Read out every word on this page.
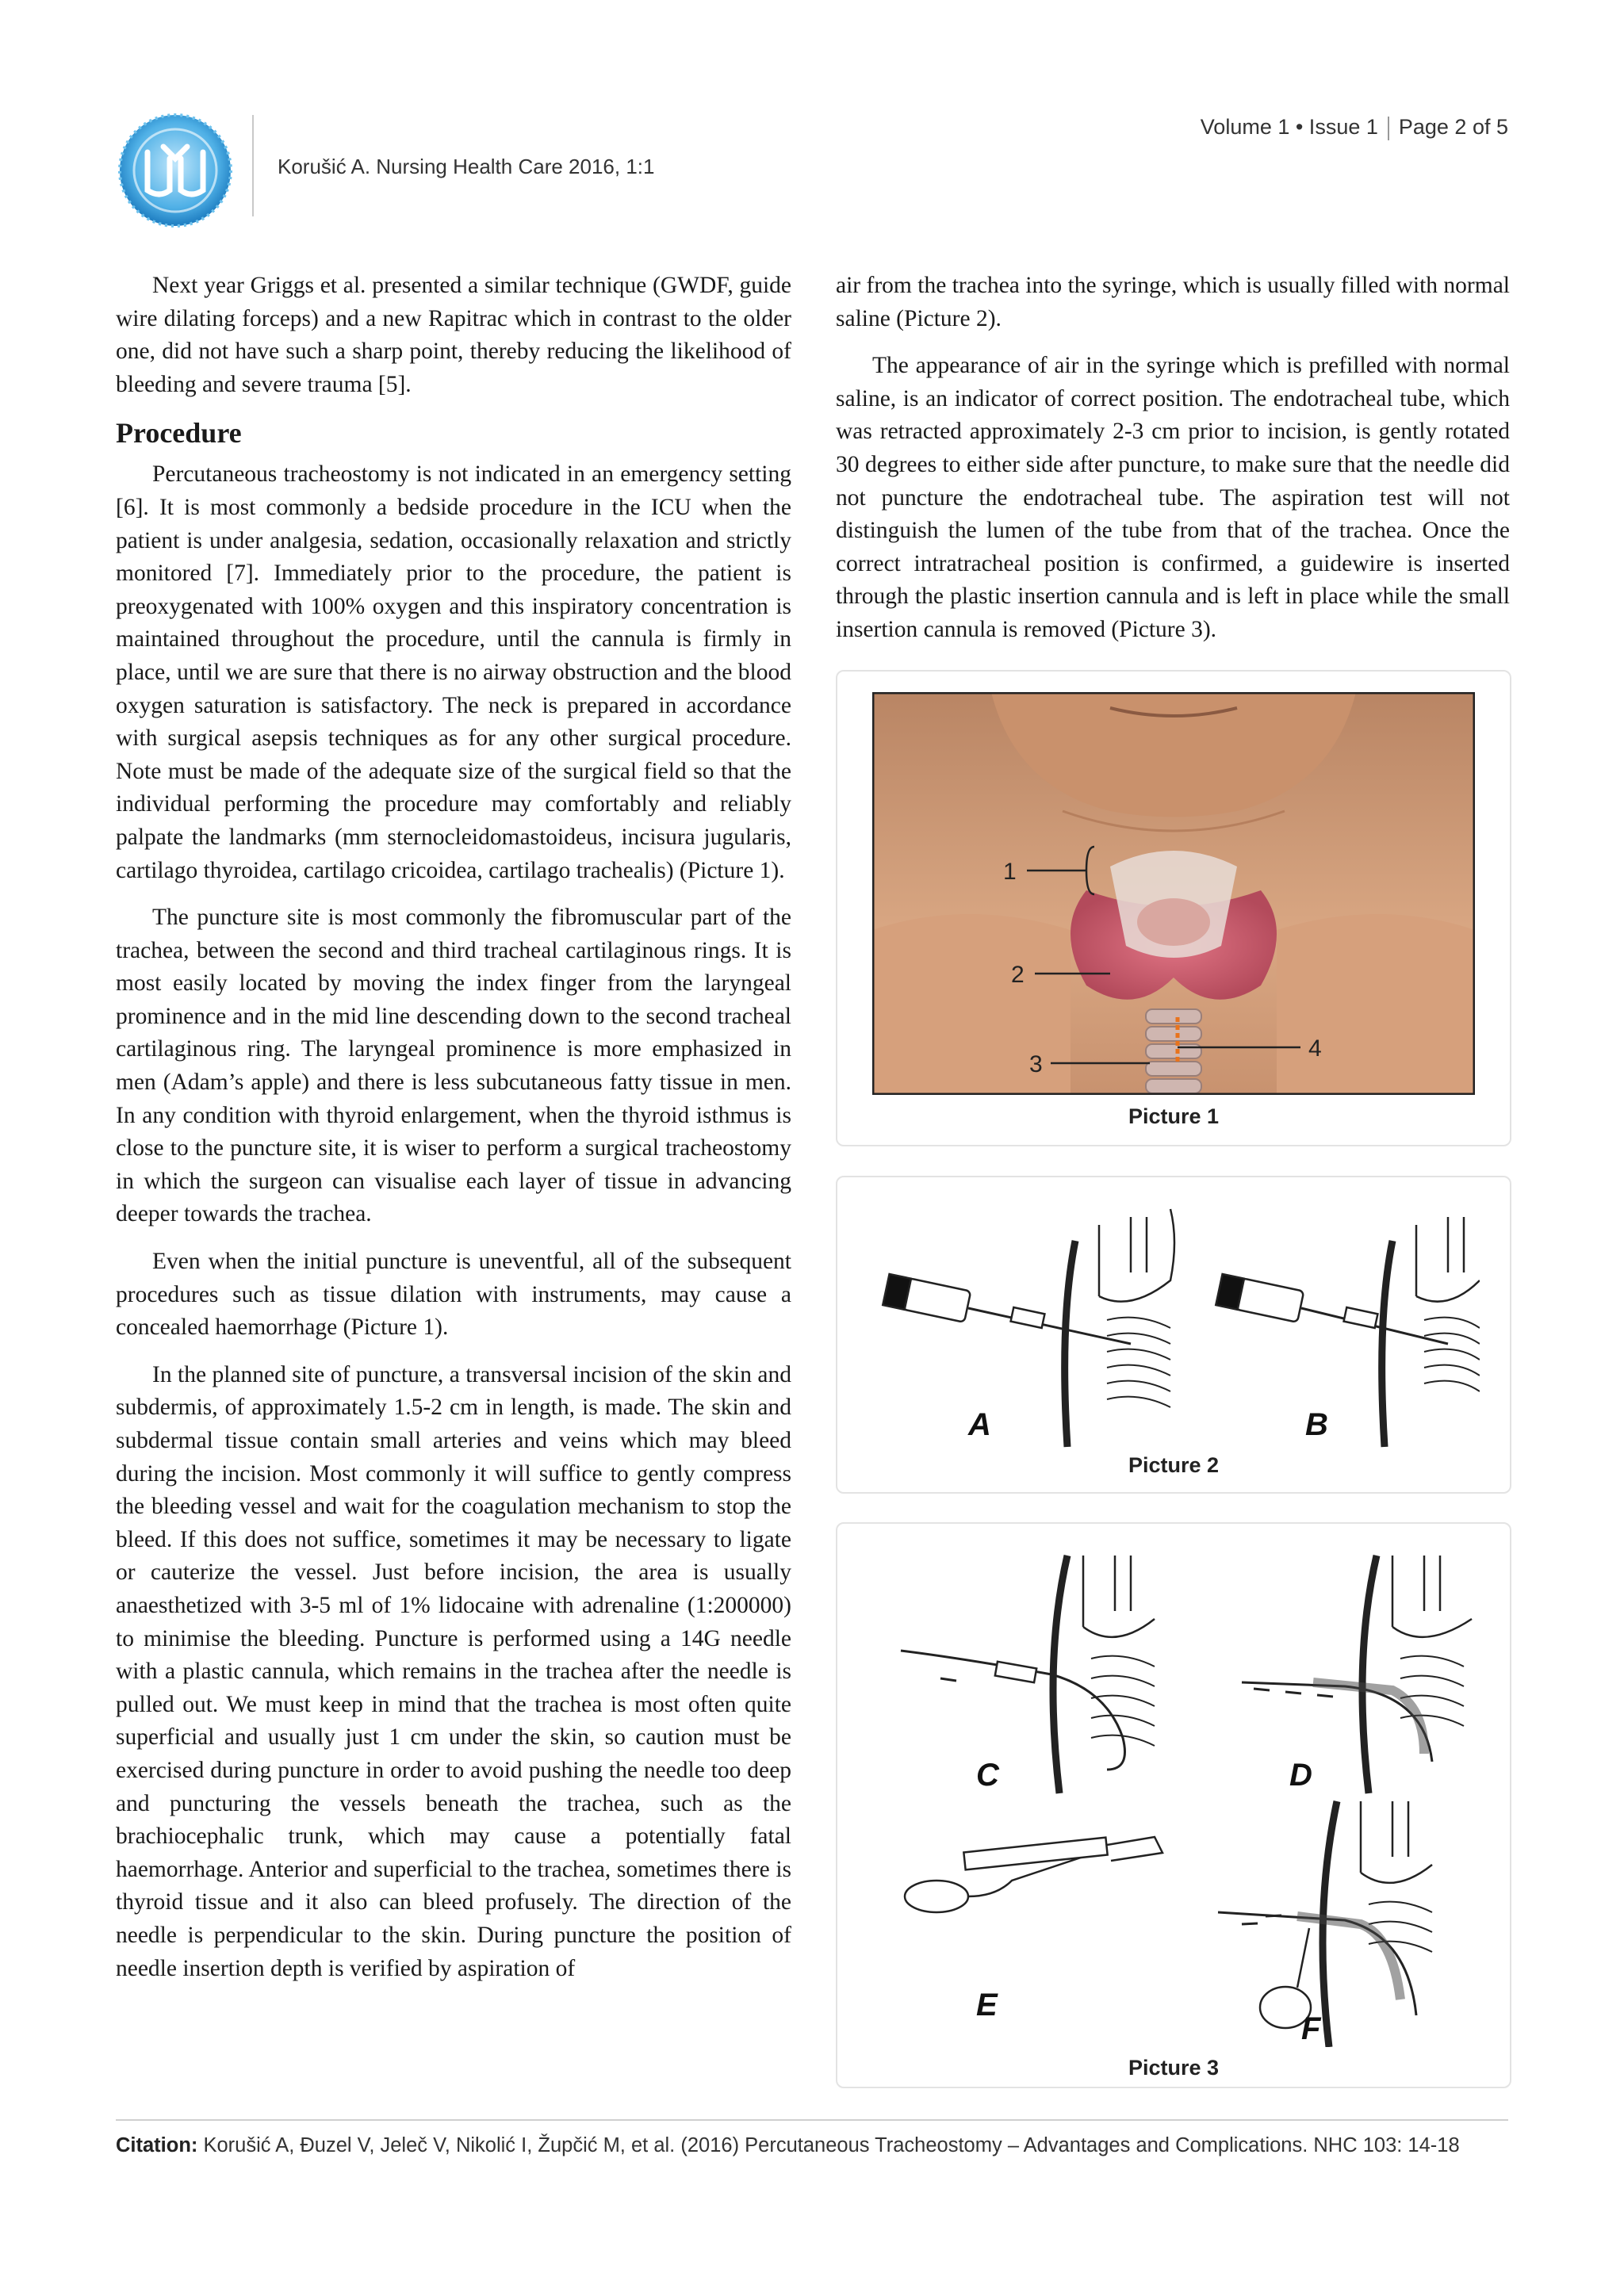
Korušić A. Nursing Health Care 2016, 1:1
Volume 1 • Issue 1 Page 2 of 5

Next year Griggs et al. presented a similar technique (GWDF, guide wire dilating forceps) and a new Rapitrac which in contrast to the older one, did not have such a sharp point, thereby reducing the likelihood of bleeding and severe trauma [5].

Procedure

Percutaneous tracheostomy is not indicated in an emergency setting [6]. It is most commonly a bedside procedure in the ICU when the patient is under analgesia, sedation, occasionally relaxation and strictly monitored [7]. Immediately prior to the procedure, the patient is preoxygenated with 100% oxygen and this inspiratory concentration is maintained throughout the procedure, until the cannula is firmly in place, until we are sure that there is no airway obstruction and the blood oxygen saturation is satisfactory. The neck is prepared in accordance with surgical asepsis techniques as for any other surgical procedure. Note must be made of the adequate size of the surgical field so that the individual performing the procedure may comfortably and reliably palpate the landmarks (mm sternocleidomastoideus, incisura jugularis, cartilago thyroidea, cartilago cricoidea, cartilago trachealis) (Picture 1).

The puncture site is most commonly the fibromuscular part of the trachea, between the second and third tracheal cartilaginous rings. It is most easily located by moving the index finger from the laryngeal prominence and in the mid line descending down to the second tracheal cartilaginous ring. The laryngeal prominence is more emphasized in men (Adam’s apple) and there is less subcutaneous fatty tissue in men. In any condition with thyroid enlargement, when the thyroid isthmus is close to the puncture site, it is wiser to perform a surgical tracheostomy in which the surgeon can visualise each layer of tissue in advancing deeper towards the trachea.

Even when the initial puncture is uneventful, all of the subsequent procedures such as tissue dilation with instruments, may cause a concealed haemorrhage (Picture 1).

In the planned site of puncture, a transversal incision of the skin and subdermis, of approximately 1.5-2 cm in length, is made. The skin and subdermal tissue contain small arteries and veins which may bleed during the incision. Most commonly it will suffice to gently compress the bleeding vessel and wait for the coagulation mechanism to stop the bleed. If this does not suffice, sometimes it may be necessary to ligate or cauterize the vessel. Just before incision, the area is usually anaesthetized with 3-5 ml of 1% lidocaine with adrenaline (1:200000) to minimise the bleeding. Puncture is performed using a 14G needle with a plastic cannula, which remains in the trachea after the needle is pulled out. We must keep in mind that the trachea is most often quite superficial and usually just 1 cm under the skin, so caution must be exercised during puncture in order to avoid pushing the needle too deep and puncturing the vessels beneath the trachea, such as the brachiocephalic trunk, which may cause a potentially fatal haemorrhage. Anterior and superficial to the trachea, sometimes there is thyroid tissue and it also can bleed profusely. The direction of the needle is perpendicular to the skin. During puncture the position of needle insertion depth is verified by aspiration of

air from the trachea into the syringe, which is usually filled with normal saline (Picture 2).

The appearance of air in the syringe which is prefilled with normal saline, is an indicator of correct position. The endotracheal tube, which was retracted approximately 2-3 cm prior to incision, is gently rotated 30 degrees to either side after puncture, to make sure that the needle did not puncture the endotracheal tube. The aspiration test will not distinguish the lumen of the tube from that of the trachea. Once the correct intratracheal position is confirmed, a guidewire is inserted through the plastic insertion cannula and is left in place while the small insertion cannula is removed (Picture 3).

1
2
3
4
Picture 1
A	B
Picture 2
C	D
E
F
Picture 3
Citation: Korušić A, Đuzel V, Jeleč V, Nikolić I, Župčić M, et al. (2016) Percutaneous Tracheostomy – Advantages and Complications. NHC 103: 14-18
